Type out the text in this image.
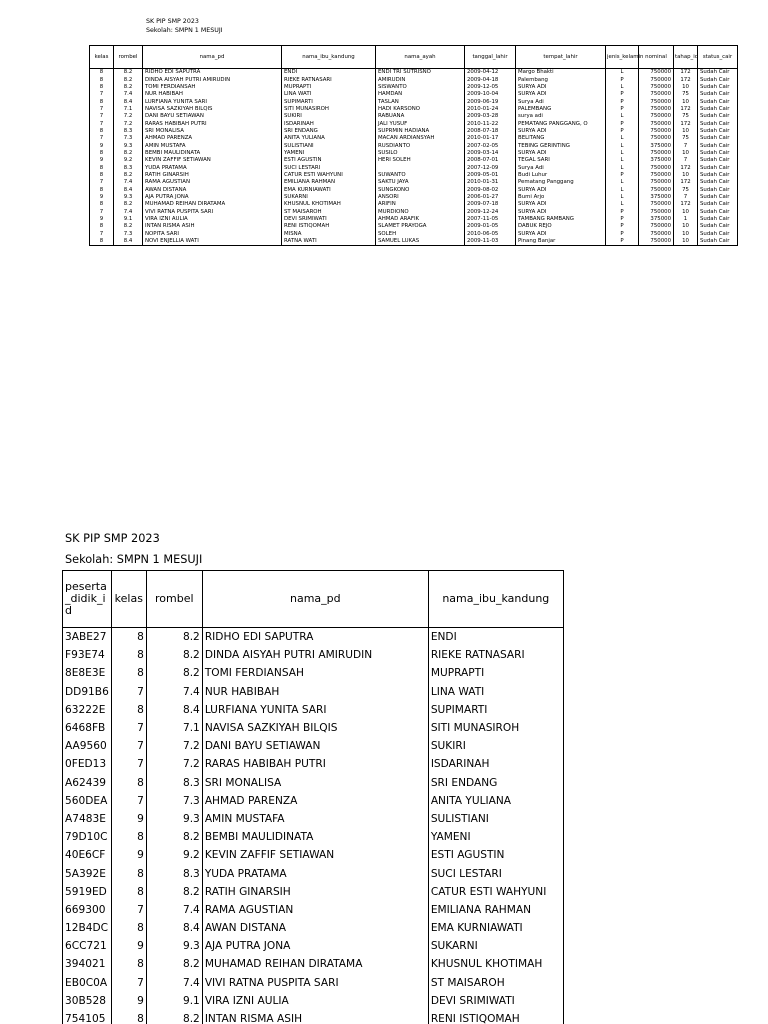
SK PIP SMP 2023
Sekolah: SMPN 1 MESUJI
kelas	rombel	nama_pd	nama_ibu_kandung	nama_ayah	tanggal_lahir	tempat_lahir	jenis_kelamin	nominal	tahap_id	status_cair	
8	8.2	RIDHO EDI SAPUTRA	ENDI	ENDI TRI SUTRISNO	2009-04-12	Margo Bhakti	L	750000	172	Sudah Cair	
8	8.2	DINDA AISYAH PUTRI AMIRUDIN	RIEKE RATNASARI	AMIRUDIN	2009-04-18	Palembang	P	750000	172	Sudah Cair	
8	8.2	TOMI FERDIANSAH	MUPRAPTI	SISWANTO	2009-12-05	SURYA ADI	L	750000	10	Sudah Cair	
7	7.4	NUR HABIBAH	LINA WATI	HAMDAN	2009-10-04	SURYA ADI	P	750000	75	Sudah Cair	
8	8.4	LURFIANA YUNITA SARI	SUPIMARTI	TASLAN	2009-06-19	Surya Adi	P	750000	10	Sudah Cair	
7	7.1	NAVISA SAZKIYAH BILQIS	SITI MUNASIROH	HADI KARSONO	2010-01-24	PALEMBANG	P	750000	172	Sudah Cair	
7	7.2	DANI BAYU SETIAWAN	SUKIRI	RABUANA	2009-03-28	surya adi	L	750000	75	Sudah Cair	
7	7.2	RARAS HABIBAH PUTRI	ISDARINAH	JALI YUSUF	2010-11-22	PEMATANG PANGGANG, O	P	750000	172	Sudah Cair	
8	8.3	SRI MONALISA	SRI ENDANG	SUPRMIN HADIANA	2008-07-18	SURYA ADI	P	750000	10	Sudah Cair	
7	7.3	AHMAD PARENZA	ANITA YULIANA	MACAN ARDIANSYAH	2010-01-17	BELITANG	L	750000	75	Sudah Cair	
9	9.3	AMIN MUSTAFA	SULISTIANI	RUSDIANTO	2007-02-05	TEBING GERINTING	L	375000	7	Sudah Cair	
8	8.2	BEMBI MAULIDINATA	YAMENI	SUSILO	2009-03-14	SURYA ADI	L	750000	10	Sudah Cair	
9	9.2	KEVIN ZAFFIF SETIAWAN	ESTI AGUSTIN	HERI SOLEH	2008-07-01	TEGAL SARI	L	375000	7	Sudah Cair	
8	8.3	YUDA PRATAMA	SUCI LESTARI		2007-12-09	Surya Adi	L	750000	172	Sudah Cair	
8	8.2	RATIH GINARSIH	CATUR ESTI WAHYUNI	SUWANTO	2009-05-01	Budi Luhur	P	750000	10	Sudah Cair	
7	7.4	RAMA AGUSTIAN	EMILIANA RAHMAN	SAKTU JAYA	2010-01-31	Pematang Panggang	L	750000	172	Sudah Cair	
8	8.4	AWAN DISTANA	EMA KURNIAWATI	SUNGKONO	2009-08-02	SURYA ADI	L	750000	75	Sudah Cair	
9	9.3	AJA PUTRA JONA	SUKARNI	ANSORI	2006-01-27	Bumi Arjo	L	375000	7	Sudah Cair	
8	8.2	MUHAMAD REIHAN DIRATAMA	KHUSNUL KHOTIMAH	ARIFIN	2009-07-18	SURYA ADI	L	750000	172	Sudah Cair	
7	7.4	VIVI RATNA PUSPITA SARI	ST MAISAROH	MURDIONO	2009-12-24	SURYA ADI	P	750000	10	Sudah Cair	
9	9.1	VIRA IZNI AULIA	DEVI SRIMIWATI	AHMAD ARAFIK	2007-11-05	TAMBANG RAMBANG	P	375000	1	Sudah Cair	
8	8.2	INTAN RISMA ASIH	RENI ISTIQOMAH	SLAMET PRAYOGA	2009-01-05	DABUK REJO	P	750000	10	Sudah Cair	
7	7.3	NOPITA SARI	MISNA	SOLEH	2010-06-05	SURYA ADI	P	750000	10	Sudah Cair	
8	8.4	NOVI ENJELLIA WATI	RATNA WATI	SAMUEL LUKAS	2009-11-03	Pinang Banjar	P	750000	10	Sudah Cair	
SK PIP SMP 2023
Sekolah: SMPN 1 MESUJI
peserta_didik_id	kelas	rombel	nama_pd	nama_ibu_kandung
3ABE27	8	8.2	RIDHO EDI SAPUTRA	ENDI
F93E74	8	8.2	DINDA AISYAH PUTRI AMIRUDIN	RIEKE RATNASARI
8E8E3E	8	8.2	TOMI FERDIANSAH	MUPRAPTI
DD91B6	7	7.4	NUR HABIBAH	LINA WATI
63222E	8	8.4	LURFIANA YUNITA SARI	SUPIMARTI
6468FB	7	7.1	NAVISA SAZKIYAH BILQIS	SITI MUNASIROH
AA9560	7	7.2	DANI BAYU SETIAWAN	SUKIRI
0FED13	7	7.2	RARAS HABIBAH PUTRI	ISDARINAH
A62439	8	8.3	SRI MONALISA	SRI ENDANG
560DEA	7	7.3	AHMAD PARENZA	ANITA YULIANA
A7483E	9	9.3	AMIN MUSTAFA	SULISTIANI
79D10C	8	8.2	BEMBI MAULIDINATA	YAMENI
40E6CF	9	9.2	KEVIN ZAFFIF SETIAWAN	ESTI AGUSTIN
5A392E	8	8.3	YUDA PRATAMA	SUCI LESTARI
5919ED	8	8.2	RATIH GINARSIH	CATUR ESTI WAHYUNI
669300	7	7.4	RAMA AGUSTIAN	EMILIANA RAHMAN
12B4DC	8	8.4	AWAN DISTANA	EMA KURNIAWATI
6CC721	9	9.3	AJA PUTRA JONA	SUKARNI
394021	8	8.2	MUHAMAD REIHAN DIRATAMA	KHUSNUL KHOTIMAH
EB0C0A	7	7.4	VIVI RATNA PUSPITA SARI	ST MAISAROH
30B528	9	9.1	VIRA IZNI AULIA	DEVI SRIMIWATI
754105	8	8.2	INTAN RISMA ASIH	RENI ISTIQOMAH
